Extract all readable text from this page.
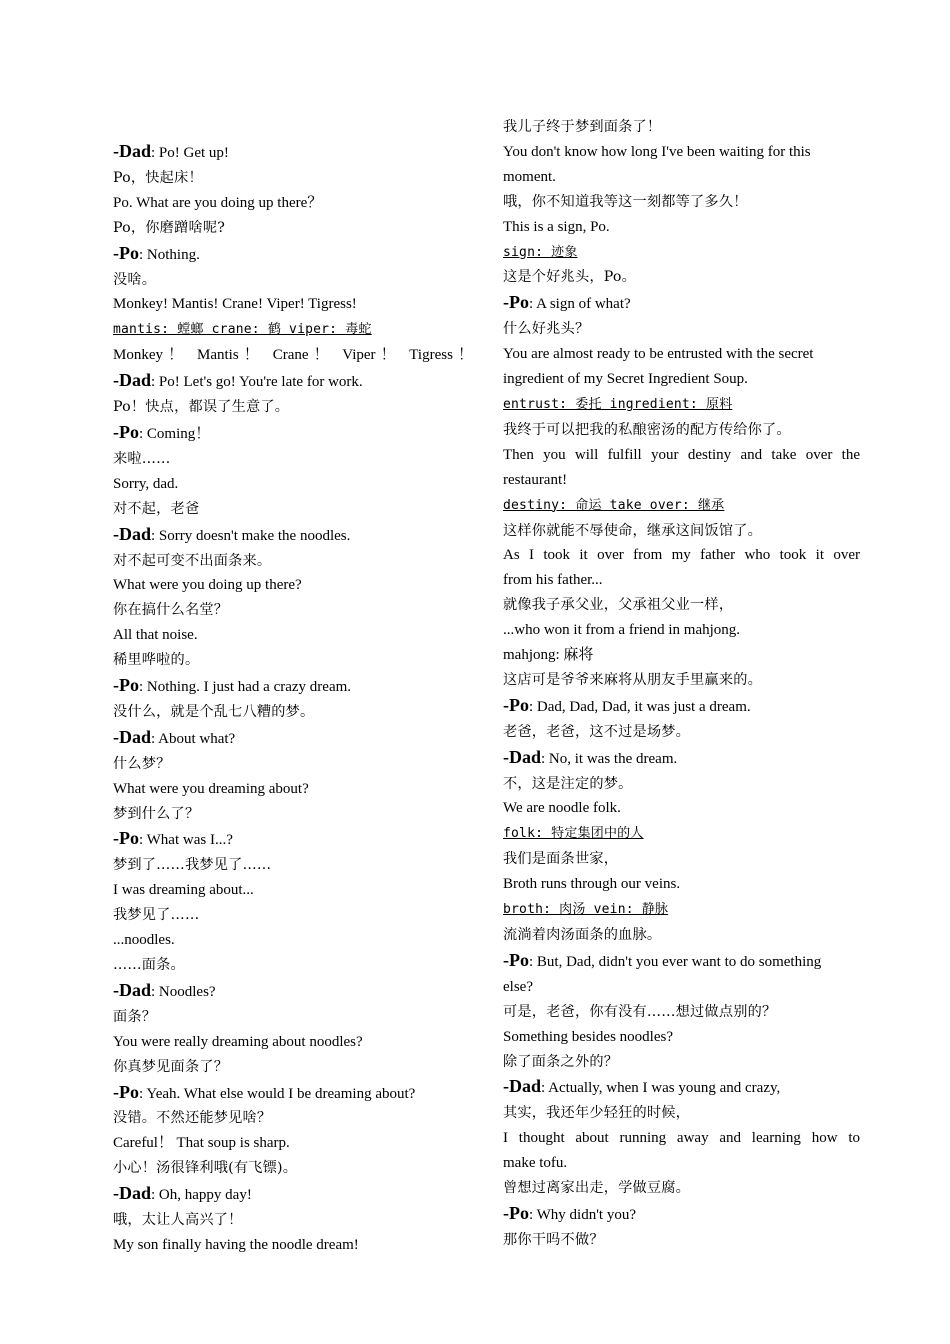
-Dad: Po! Get up!
Po，快起床！
Po. What are you doing up there？
Po，你磨蹭啥呢?
-Po: Nothing.
没啥。
Monkey! Mantis! Crane! Viper! Tigress!
mantis: 螳螂 crane: 鹤 viper: 毒蛇
Monkey！ Mantis！ Crane！ Viper！ Tigress！
-Dad: Po! Let's go! You're late for work.
Po！快点，都误了生意了。
-Po: Coming！
来啦……
Sorry, dad.
对不起，老爸
-Dad: Sorry doesn't make the noodles.
对不起可变不出面条来。
What were you doing up there?
你在搞什么名堂？
All that noise.
稀里哗啦的。
-Po: Nothing. I just had a crazy dream.
没什么，就是个乱七八糟的梦。
-Dad: About what?
什么梦？
What were you dreaming about?
梦到什么了？
-Po: What was I...?
梦到了……我梦见了……
I was dreaming about...
我梦见了……
...noodles.
……面条。
-Dad: Noodles?
面条？
You were really dreaming about noodles?
你真梦见面条了？
-Po: Yeah. What else would I be dreaming about?
没错。不然还能梦见啥？
Careful！ That soup is sharp.
小心！汤很锋利哦(有飞镖)。
-Dad: Oh, happy day!
哦，太让人高兴了！
My son finally having the noodle dream!
我儿子终于梦到面条了！
You don't know how long I've been waiting for this
moment.
哦，你不知道我等这一刻都等了多久！
This is a sign, Po.
sign: 迹象
这是个好兆头，Po。
-Po: A sign of what?
什么好兆头？
You are almost ready to be entrusted with the secret
ingredient of my Secret Ingredient Soup.
entrust: 委托 ingredient: 原料
我终于可以把我的私酿密汤的配方传给你了。
Then you will fulfill your destiny and take over the
restaurant!
destiny: 命运 take over: 继承
这样你就能不辱使命，继承这间饭馆了。
As I took it over from my father who took it over
from his father...
就像我子承父业，父承祖父业一样，
...who won it from a friend in mahjong.
mahjong: 麻将
这店可是爷爷来麻将从朋友手里赢来的。
-Po: Dad, Dad, Dad, it was just a dream.
老爸，老爸，这不过是场梦。
-Dad: No, it was the dream.
不，这是注定的梦。
We are noodle folk.
folk: 特定集团中的人
我们是面条世家，
Broth runs through our veins.
broth: 肉汤 vein: 静脉
流淌着肉汤面条的血脉。
-Po: But, Dad, didn't you ever want to do something
else?
可是，老爸，你有没有……想过做点别的？
Something besides noodles?
除了面条之外的？
-Dad: Actually, when I was young and crazy,
其实，我还年少轻狂的时候，
I thought about running away and learning how to
make tofu.
曾想过离家出走，学做豆腐。
-Po: Why didn't you?
那你干吗不做？
